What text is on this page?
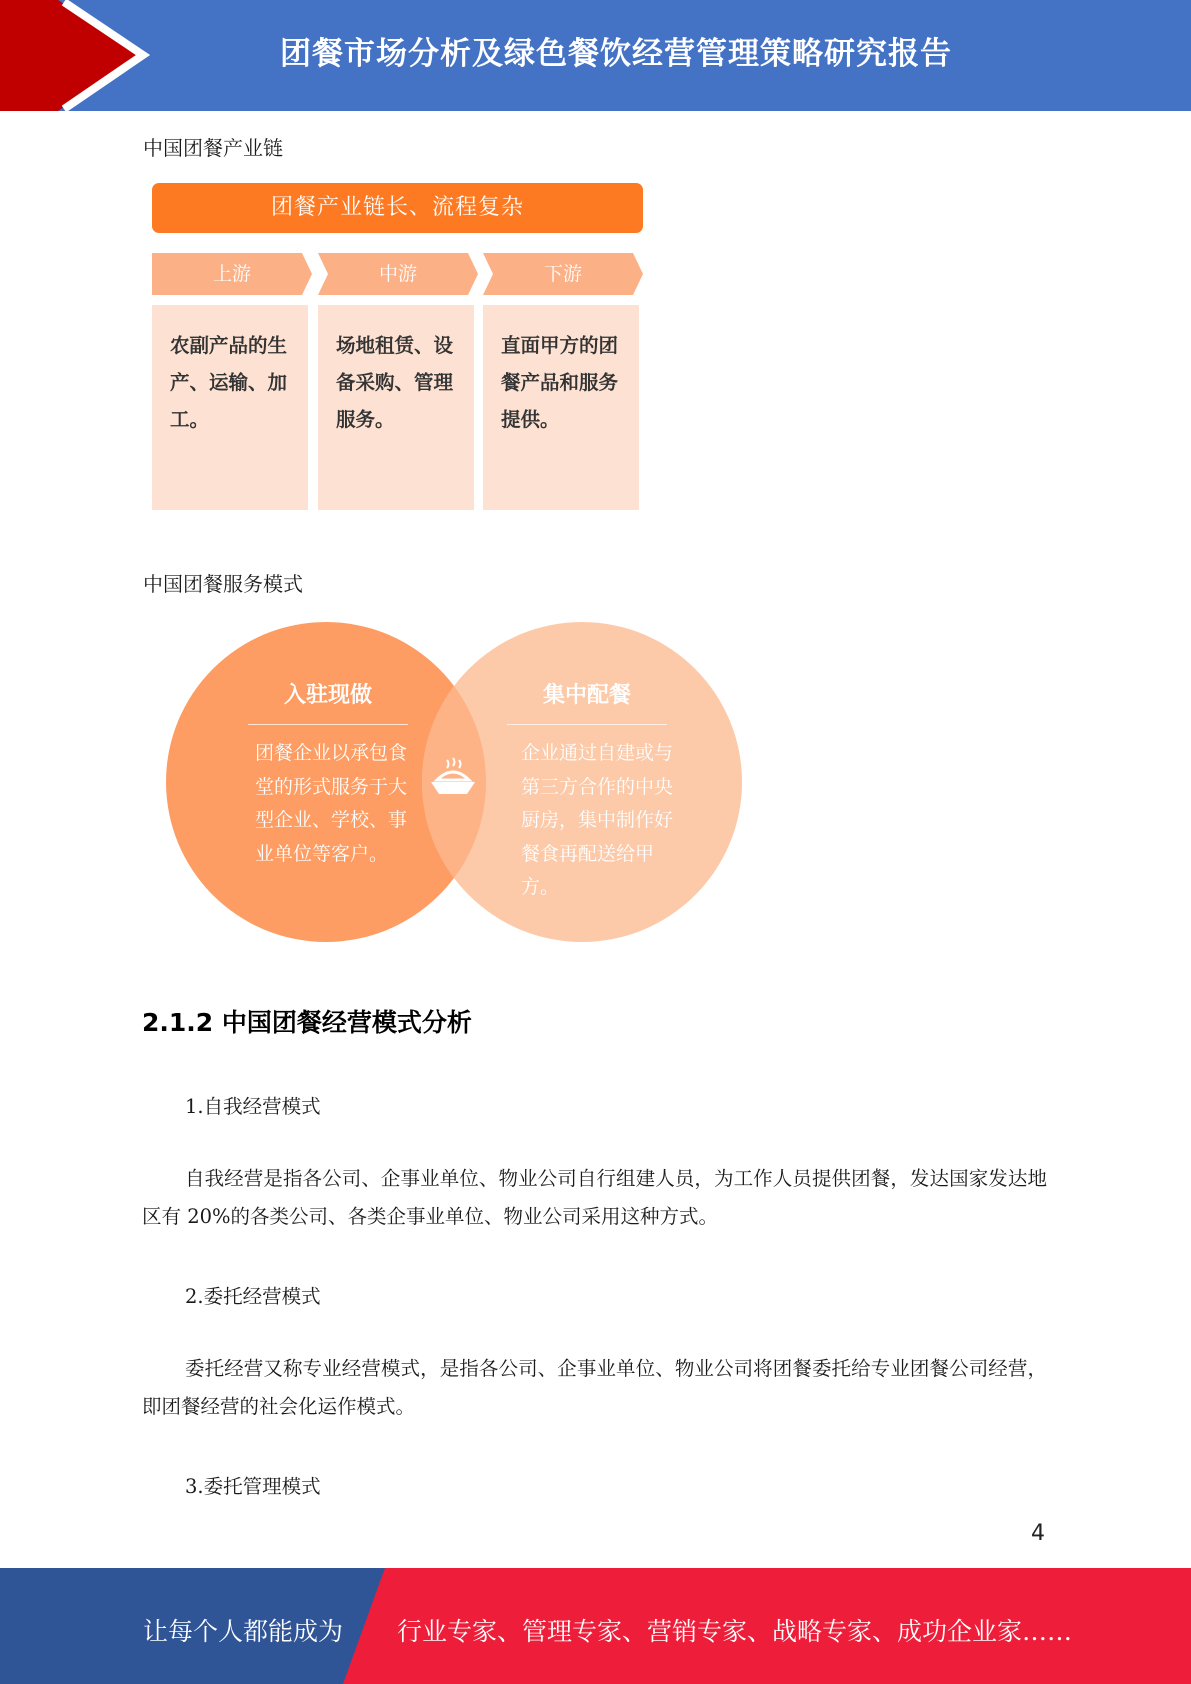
团餐市场分析及绿色餐饮经营管理策略研究报告
中国团餐产业链
团餐产业链长、流程复杂
上游	中游	下游
农副产品的生产、运输、加工。
场地租赁、设备采购、管理服务。
直面甲方的团餐产品和服务提供。
中国团餐服务模式
入驻现做
团餐企业以承包食堂的形式服务于大型企业、学校、事业单位等客户。
集中配餐
企业通过自建或与第三方合作的中央厨房，集中制作好餐食再配送给甲方。
2.1.2 中国团餐经营模式分析
1.自我经营模式
自我经营是指各公司、企事业单位、物业公司自行组建人员，为工作人员提供团餐，发达国家发达地区有 20%的各类公司、各类企事业单位、物业公司采用这种方式。
2.委托经营模式
委托经营又称专业经营模式，是指各公司、企事业单位、物业公司将团餐委托给专业团餐公司经营，即团餐经营的社会化运作模式。
3.委托管理模式
4
让每个人都能成为 行业专家、管理专家、营销专家、战略专家、成功企业家……
